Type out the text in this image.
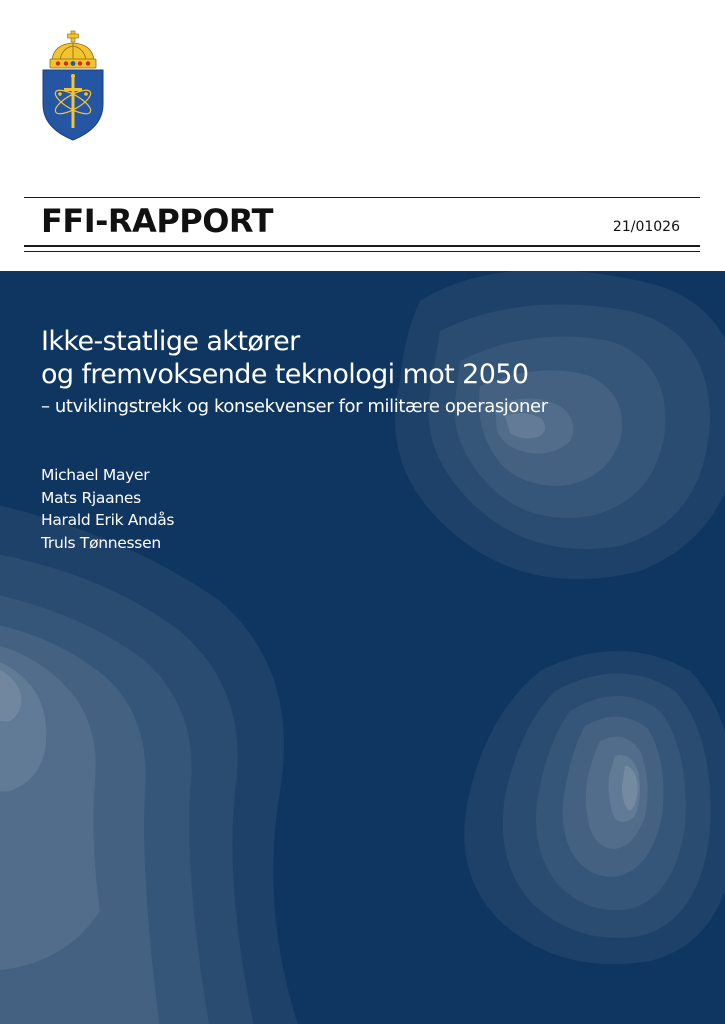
FFI-RAPPORT	21/01026
Ikke-statlige aktører
og fremvoksende teknologi mot 2050

– utviklingstrekk og konsekvenser for militære operasjoner

Michael Mayer
Mats Rjaanes
Harald Erik Andås
Truls Tønnessen
